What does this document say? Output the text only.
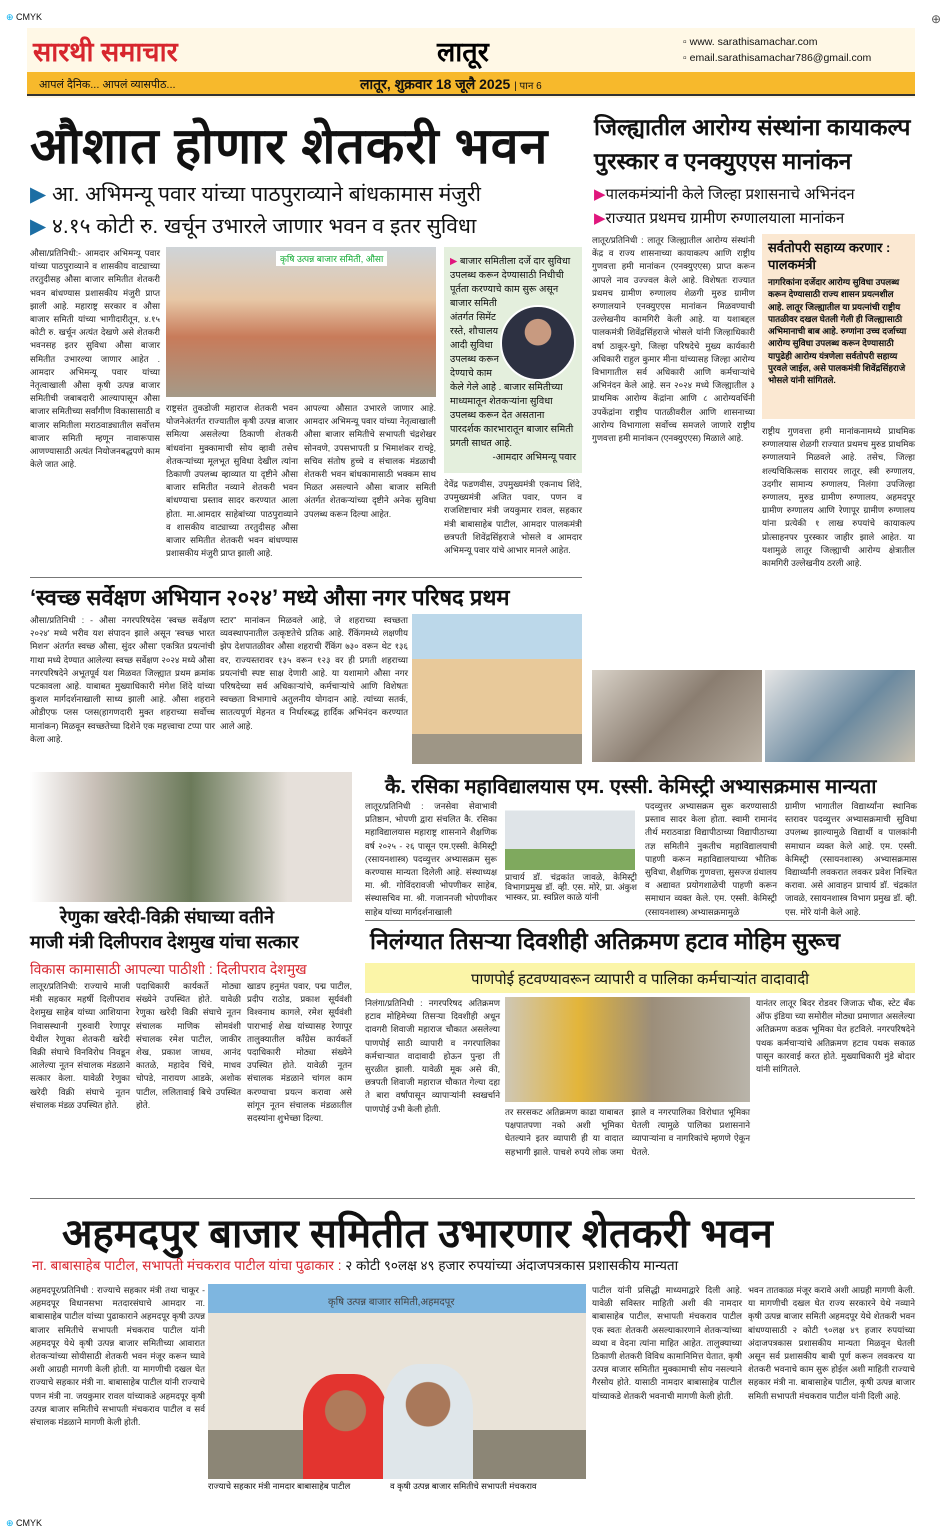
⊕ CMYK	⊕
सारथी समाचार	लातूर	▫ www. sarathisamachar.com
▫ email.sarathisamachar786@gmail.com
आपलं दैनिक... आपलं व्यासपीठ...	लातूर, शुक्रवार 18 जूलै 2025 | पान 6
औशात होणार शेतकरी भवन
▶ आ. अभिमन्यू पवार यांच्या पाठपुराव्याने बांधकामास मंजुरी
▶ ४.१५ कोटी रु. खर्चून उभारले जाणार भवन व इतर सुविधा
औसा/प्रतिनिधी:- आमदार अभिमन्यू पवार यांच्या पाठपुराव्याने व शासकीय वाट्याच्या तरतुदीसह औसा बाजार समितीत शेतकरी भवन बांधण्यास प्रशासकीय मंजुरी प्राप्त झाली आहे. महाराष्ट्र सरकार व औसा बाजार समिती यांच्या भागीदारीतून, ४.१५ कोटी रु. खर्चून अत्यंत देखणे असे शेतकरी भवनसह इतर सुविधा औसा बाजार समितीत उभारल्या जाणार आहेत . आमदार अभिमन्यू पवार यांच्या नेतृत्वाखाली औसा कृषी उत्पन्न बाजार समितीची जबाबदारी आल्यापासून औसा बाजार समितीच्या सर्वांगीण विकासासाठी व बाजार समितीला मराठवाड्यातील सर्वोत्तम बाजार समिती म्हणून नावारूपास आणण्यासाठी अत्यंत नियोजनबद्धपणे काम केले जात आहे.
कृषि उत्पन्न बाजार समिती, औसा
राष्ट्रसंत तुकडोजी महाराज शेतकरी भवन योजनेअंतर्गत राज्यातील कृषी उत्पन्न बाजार समित्या असलेल्या ठिकाणी शेतकरी बांधवांना मुक्कामाची सोय व्हावी तसेच शेतकऱ्यांच्या मूलभूत सुविधा देखील त्यांना ठिकाणी उपलब्ध व्हाव्यात या दृष्टीने औसा बाजार समितीत नव्याने शेतकरी भवन बांधण्याचा प्रस्ताव सादर करण्यात आला होता. मा.आमदार साहेबांच्या पाठपुराव्याने व शासकीय वाट्याच्या तरतुदीसह औसा बाजार समितीत शेतकरी भवन बांधण्यास प्रशासकीय मंजुरी प्राप्त झाली आहे.
आपल्या औसात उभारले जाणार आहे. आमदार अभिमन्यू पवार यांच्या नेतृत्वाखाली औसा बाजार समितीचे सभापती चंद्रशेखर सोनवणे, उपसभापती प्र भिमाशंकर राचट्टे, सचिव संतोष हुच्चे व संचालक मंडळाची शेतकरी भवन बांधकामासाठी भक्कम साथ मिळत असल्याने औसा बाजार समिती अंतर्गत शेतकऱ्यांच्या दृष्टीने अनेक सुविधा उपलब्ध करून दिल्या आहेत.
▶ बाजार समितीला दर्जे दार सुविधा उपलब्ध करून देण्यासाठी निधीची पूर्तता करण्याचे काम सुरू असून बाजार समिती अंतर्गत सिमेंट रस्ते, शौचालय आदी सुविधा उपलब्ध करून देण्याचे काम केले गेले आहे . बाजार समितीच्या माध्यमातून शेतकऱ्यांना सुविधा उपलब्ध करून देत असताना पारदर्शक कारभारातून बाजार समिती प्रगती साधत आहे.
-आमदार अभिमन्यू पवार
देवेंद्र फडणवीस, उपमुख्यमंत्री एकनाथ शिंदे, उपमुख्यमंत्री अजित पवार, पणन व राजशिष्टाचार मंत्री जयकुमार रावल, सहकार मंत्री बाबासाहेब पाटील, आमदार पालकमंत्री छत्रपती शिवेंद्रसिंहराजे भोसले व आमदार अभिमन्यू पवार यांचे आभार मानले आहेत.
जिल्ह्यातील आरोग्य संस्थांना कायाकल्प
पुरस्कार व एनक्युएएस मानांकन
▶पालकमंत्र्यांनी केले जिल्हा प्रशासनाचे अभिनंदन
▶राज्यात प्रथमच ग्रामीण रुग्णालयाला मानांकन
लातूर/प्रतिनिधी : लातूर जिल्ह्यातील आरोग्य संस्थांनी केंद्र व राज्य शासनाच्या कायाकल्प आणि राष्ट्रीय गुणवत्ता हमी मानांकन (एनक्युएएस) प्राप्त करून आपले नाव उज्ज्वल केले आहे. विशेषतः राज्यात प्रथमच ग्रामीण रुग्णालय शेळगी मुरुड ग्रामीण रुग्णालयाने एनक्युएएस मानांकन मिळवण्याची उल्लेखनीय कामगिरी केली आहे. या यशाबद्दल पालकमंत्री शिवेंद्रसिंहराजे भोसले यांनी जिल्हाधिकारी वर्षा ठाकूर-घुगे, जिल्हा परिषदेचे मुख्य कार्यकारी अधिकारी राहुल कुमार मीना यांच्यासह जिल्हा आरोग्य विभागातील सर्व अधिकारी आणि कर्मचाऱ्यांचे अभिनंदन केले आहे. सन २०२४ मध्ये जिल्ह्यातील ३ प्राथमिक आरोग्य केंद्रांना आणि ८ आरोग्यवर्धिनी उपकेंद्रांना राष्ट्रीय पातळीवरील आणि शासनाच्या आरोग्य विभागाला सर्वोच्च समजले जाणारे राष्ट्रीय गुणवत्ता हमी मानांकन (एनक्युएएस) मिळाले आहे.
सर्वतोपरी सहाय्य करणार : पालकमंत्री
नागरिकांना दर्जेदार आरोग्य सुविधा उपलब्ध करून देण्यासाठी राज्य शासन प्रयत्नशील आहे. लातूर जिल्ह्यातील या प्रयत्नांची राष्ट्रीय पातळीवर दखल घेतली गेली ही जिल्ह्यासाठी अभिमानाची बाब आहे. रुग्णांना उच्च दर्जाच्या आरोग्य सुविधा उपलब्ध करून देण्यासाठी यापुढेही आरोग्य यंत्रणेला सर्वतोपरी सहाय्य पुरवले जाईल, असे पालकमंत्री शिवेंद्रसिंहराजे भोसले यांनी सांगितले.
राष्ट्रीय गुणवत्ता हमी मानांकनामध्ये प्राथमिक रुग्णालयास शेळगी राज्यात प्रथमच मुरुड प्राथमिक रुग्णालयाने मिळवले आहे. तसेच, जिल्हा शल्यचिकित्सक सारायर लातूर, स्त्री रुग्णालय, उदगीर सामान्य रुग्णालय, निलंगा उपजिल्हा रुग्णालय, मुरुड ग्रामीण रुग्णालय, अहमदपूर ग्रामीण रुग्णालय आणि रेणापूर ग्रामीण रुग्णालय यांना प्रत्येकी १ लाख रुपयांचे कायाकल्प प्रोत्साहनपर पुरस्कार जाहीर झाले आहेत. या यशामुळे लातूर जिल्ह्याची आरोग्य क्षेत्रातील कामगिरी उल्लेखनीय ठरली आहे.
‘स्वच्छ सर्वेक्षण अभियान २०२४’ मध्ये औसा नगर परिषद प्रथम
औसा/प्रतिनिधी : - औसा नगरपरिषदेस 'स्वच्छ सर्वेक्षण २०२४' मध्ये भरीव यश संपादन झाले असून 'स्वच्छ भारत मिशन' अंतर्गत स्वच्छ औसा, सुंदर औसा' एकत्रित प्रयत्नांची गाथा मध्ये देण्यात आलेल्या स्वच्छ सर्वेक्षण २०२४ मध्ये औसा नगरपरिषदेने अभूतपूर्व यश मिळवत जिल्ह्यात प्रथम क्रमांक पटकावला आहे. याबाबत मुख्याधिकारी मंगेश शिंदे यांच्या कुशल मार्गदर्शनाखाली साध्य झाली आहे. औसा शहराने ओडीएफ प्लस प्लस(हागणदारी मुक्त शहराच्या सर्वोच्च मानांकन) मिळवून स्वच्छतेच्या दिशेने एक महत्त्वाचा टप्पा पार केला आहे.
स्टार" मानांकन मिळवले आहे, जे शहराच्या स्वच्छता व्यवस्थापनातील उत्कृष्टतेचे प्रतिक आहे. रँकिंगमध्ये लक्षणीय झेप देशपातळीवर औसा शहराची रँकिंग ७३० वरून थेट १३६ वर, राज्यस्तरावर १३५ वरून १२३ वर ही प्रगती शहराच्या प्रयत्नांची स्पष्ट साक्ष देणारी आहे. या यशामागे औसा नगर परिषदेच्या सर्व अधिकाऱ्यांचे, कर्मचाऱ्यांचे आणि विशेषतः स्वच्छता विभागाचे अतुलनीय योगदान आहे. त्यांच्या सतर्क, सातत्यपूर्ण मेहनत व निर्धारबद्ध हार्दिक अभिनंदन करण्यात आले आहे.
रेणुका खरेदी-विक्री संघाच्या वतीने
माजी मंत्री दिलीपराव देशमुख यांचा सत्कार
विकास कामासाठी आपल्या पाठीशी : दिलीपराव देशमुख
लातूर/प्रतिनिधी: राज्याचे माजी मंत्री सहकार महर्षी दिलीपराव देशमुख साहेब यांच्या आशियाना निवासस्थानी गुरुवारी रेणापूर येथील रेणुका शेतकरी खरेदी विक्री संघाचे विनविरोध निवडून आलेल्या नूतन संचालक मंडळाने सत्कार केला. यावेळी रेणुका खरेदी विक्री संघाचे नूतन संचालक मंडळ उपस्थित होते.
पदाधिकारी कार्यकर्ते मोठ्या संख्येने उपस्थित होते. यावेळी रेणुका खरेदी विक्री संघाचे नूतन संचालक माणिक सोमवंशी संचालक रमेश पाटील, जाकीर शेख, प्रकाश जाधव, आनंद कातळे, महादेव चिंचे, माधव चोपडे, नारायण आडके, अशोक पाटील, ललितावाई बिचे उपस्थित होते.
खाडप हनुमंत पवार, पद्म पाटील, प्रदीप राठोड, प्रकाश सूर्यवंशी विश्वनाथ कागले, रमेश सूर्यवंशी पाराभाई शेख यांच्यासह रेणापूर तालुक्यातील काँग्रेस कार्यकर्ते पदाधिकारी मोठ्या संख्येने उपस्थित होते. यावेळी नूतन संचालक मंडळाने चांगल काम करण्याचा प्रयत्न करावा असे सांगून नूतन संचालक मंडळातील सदस्यांना शुभेच्छा दिल्या.
कै. रसिका महाविद्यालयास एम. एस्सी. केमिस्ट्री अभ्यासक्रमास मान्यता
लातूर/प्रतिनिधी : जनसेवा सेवाभावी प्रतिष्ठान, भोपणी द्वारा संचलित कै. रसिका महाविद्यालयास महाराष्ट्र शासनाने शैक्षणिक वर्ष २०२५ - २६ पासून एम.एस्सी. केमिस्ट्री (रसायनशास्त्र) पदव्युत्तर अभ्यासक्रम सुरू करण्यास मान्यता दिलेली आहे. संस्थाध्यक्ष मा. श्री. गोविंदरावजी भोपणीकर साहेब, संस्थासचिव मा. श्री. गजाननजी भोपणीकर साहेब यांच्या मार्गदर्शनाखाली
प्राचार्य डॉ. चंद्रकांत जावळे, केमिस्ट्री विभागप्रमुख डॉ. व्ही. एस. मोरे, प्रा. अंकुश भास्कर, प्रा. स्वप्निल काळे यांनी
पदव्युत्तर अभ्यासक्रम सुरू करण्यासाठी प्रस्ताव सादर केला होता. स्वामी रामानंद तीर्थ मराठवाडा विद्यापीठाच्या विद्यापीठाच्या तज्ञ समितीने नुकतीच महाविद्यालयाची पाहणी करून महाविद्यालयाच्या भौतिक सुविधा, शैक्षणिक गुणवत्ता, सुसज्ज ग्रंथालय व अद्यावत प्रयोगशाळेची पाहणी करून समाधान व्यक्त केले. एम. एस्सी. केमिस्ट्री (रसायनशास्त्र) अभ्यासक्रमामुळे
ग्रामीण भागातील विद्यार्थ्यांना स्थानिक स्तरावर पदव्युत्तर अभ्यासक्रमाची सुविधा उपलब्ध झाल्यामुळे विद्यार्थी व पालकांनी समाधान व्यक्त केले आहे. एम. एस्सी. केमिस्ट्री (रसायनशास्त्र) अभ्यासक्रमास विद्यार्थ्यांनी लवकरात लवकर प्रवेश निश्चित करावा. असे आवाहन प्राचार्य डॉ. चंद्रकांत जावळे, रसायनशास्त्र विभाग प्रमुख डॉ. व्ही. एस. मोरे यांनी केले आहे.
निलंग्यात तिसऱ्या दिवशीही अतिक्रमण हटाव मोहिम सुरूच
पाणपोई हटवण्यावरून व्यापारी व पालिका कर्मचाऱ्यांत वादावादी
निलंगा/प्रतिनिधी : नगरपरिषद अतिक्रमण हटाव मोहिमेच्या तिसऱ्या दिवशीही अधून दावगरी शिवाजी महाराज चौकात असलेल्या पाणपोई साठी व्यापारी व नगरपालिका कर्मचाऱ्यात वादावादी होऊन पुन्हा ती सुरळीत झाली. यावेळी मूक असे की, छत्रपती शिवाजी महाराज चौकात गेल्या दहा ते बारा वर्षांपासून व्यापाऱ्यांनी स्वखर्चाने पाणपोई उभी केली होती.	तर सरसकट अतिक्रमण काढा याबाबत पक्षपातपणा नको अशी भूमिका घेतल्याने इतर व्यापारी ही या वादात सहभागी झाले. पाचशे रुपये लोक जमा झाले व नगरपालिका विरोधात भूमिका घेतली त्यामुळे पालिका प्रशासनाने व्यापाऱ्यांना व नागरिकांचे म्हणणे ऐकून घेतले.
यानंतर लातूर बिदर रोडवर जिजाऊ चौक, स्टेट बँक ऑफ इंडिया च्या समोरील मोठ्या प्रमाणात असलेल्या अतिक्रमण कडक भूमिका घेत हटविले. नगरपरिषदेने पथक कर्मचाऱ्यांचे अतिक्रमण हटाव पथक सकाळ पासून कारवाई करत होते. मुख्याधिकारी मुंडे बोदार यांनी सांगितले.
अहमदपुर बाजार समितीत उभारणार शेतकरी भवन
ना. बाबासाहेब पाटील, सभापती मंचकराव पाटील यांचा पुढाकार : २ कोटी ९०लक्ष ४९ हजार रुपयांच्या अंदाजपत्रकास प्रशासकीय मान्यता
अहमदपूर/प्रतिनिधी : राज्याचे सहकार मंत्री तथा चाकूर - अहमदपूर विधानसभा मतदारसंघाचे आमदार ना. बाबासाहेब पाटील यांच्या पुढाकाराने अहमदपूर कृषी उत्पन्न बाजार समितीचे सभापती मंचकराव पाटील यांनी अहमदपूर येथे कृषी उत्पन्न बाजार समितीच्या आवारात शेतकऱ्यांच्या सोयीसाठी शेतकरी भवन मंजूर करून घ्यावे अशी आग्रही मागणी केली होती. या मागणीची दखल घेत राज्याचे सहकार मंत्री ना. बाबासाहेब पाटील यांनी राज्याचे पणन मंत्री ना. जयकुमार रावल यांच्याकडे अहमदपूर कृषी उत्पन्न बाजार समितीचे सभापती मंचकराव पाटील व सर्व संचालक मंडळाने मागणी केली होती.
कृषि उत्पन्न बाजार समिती,अहमदपूर
राज्याचे सहकार मंत्री नामदार बाबासाहेब पाटील	व कृषी उत्पन्न बाजार समितीचे सभापती मंचकराव
पाटील यांनी प्रसिद्धी माध्यमाद्वारे दिली आहे. यावेळी सविस्तर माहिती अशी की नामदार बाबासाहेब पाटील, सभापती मंचकराव पाटील एक स्वतः शेतकरी असल्याकारणाने शेतकऱ्यांच्या व्यथा व वेदना त्यांना माहित आहेत. तालुक्याच्या ठिकाणी शेतकरी विविध कामानिमित्त येतात, कृषी उत्पन्न बाजार समितीत मुक्कामाची सोय नसल्याने गैरसोय होते. यासाठी नामदार बाबासाहेब पाटील यांच्याकडे शेतकरी भवनाची मागणी केली होती.
भवन तातकाळ मंजूर करावे अशी आग्रही मागणी केली. या मागणीची दखल घेत राज्य सरकारने येथे नव्याने कृषी उत्पन्न बाजार समिती अहमदपूर येथे शेतकरी भवन बांधण्यासाठी २ कोटी ९०लक्ष ४९ हजार रुपयांच्या अंदाजपत्रकास प्रशासकीय मान्यता मिळवून घेतली असून सर्व प्रशासकीय बाबी पूर्ण करून लवकरच या शेतकरी भवनाचे काम सुरू होईल अशी माहिती राज्याचे सहकार मंत्री ना. बाबासाहेब पाटील, कृषी उत्पन्न बाजार समिती सभापती मंचकराव पाटील यांनी दिली आहे.
⊕ CMYK
